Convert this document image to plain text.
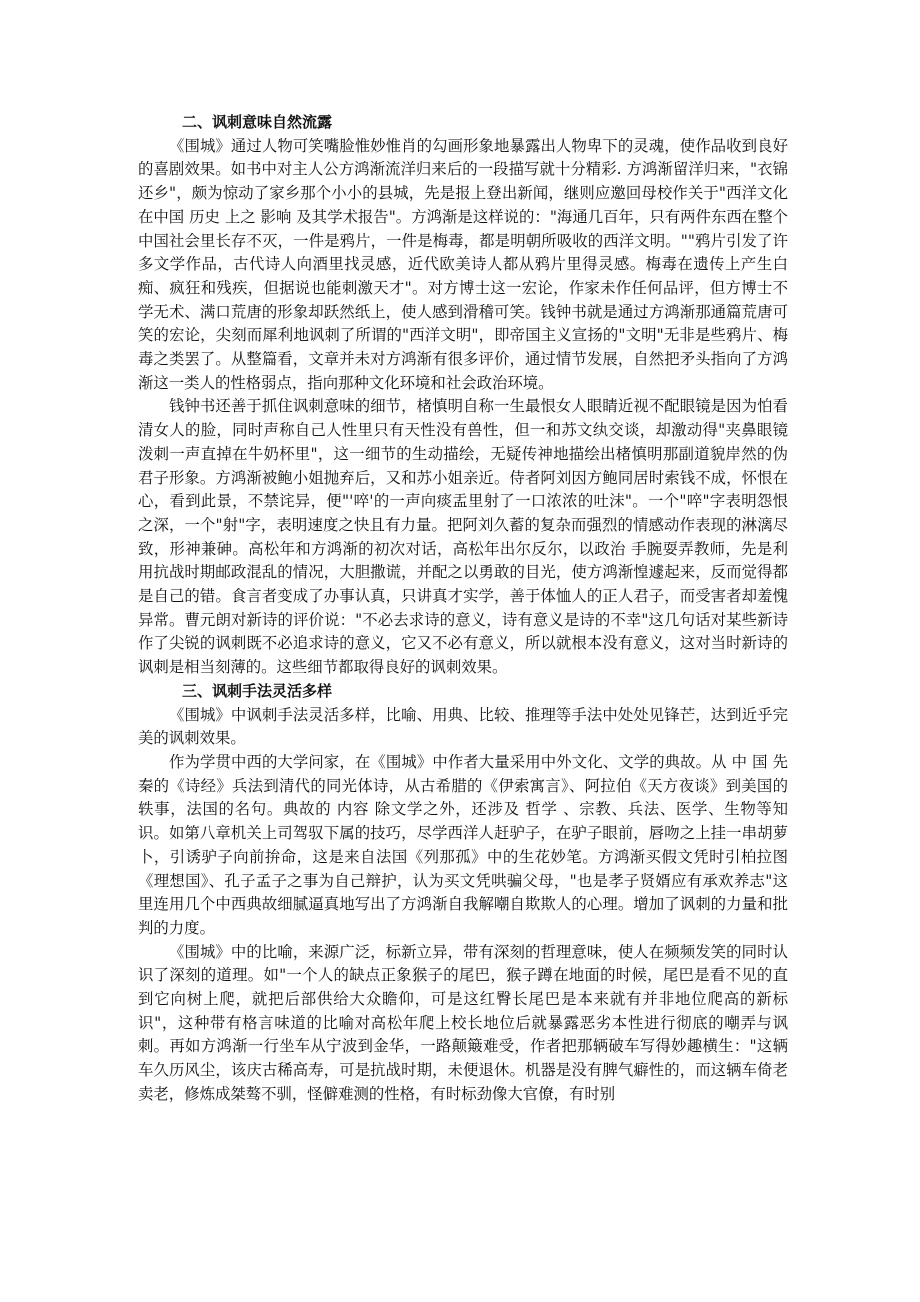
二、讽刺意味自然流露

《围城》通过人物可笑嘴脸惟妙惟肖的勾画形象地暴露出人物卑下的灵魂，使作品收到良好的喜剧效果。如书中对主人公方鸿渐流洋归来后的一段描写就十分精彩. 方鸿渐留洋归来，"衣锦还乡"，颇为惊动了家乡那个小小的县城，先是报上登出新闻，继则应邀回母校作关于"西洋文化在中国 历史 上之 影响 及其学术报告"。方鸿渐是这样说的："海通几百年，只有两件东西在整个中国社会里长存不灭，一件是鸦片，一件是梅毒，都是明朝所吸收的西洋文明。""鸦片引发了许多文学作品，古代诗人向酒里找灵感，近代欧美诗人都从鸦片里得灵感。梅毒在遗传上产生白痴、疯狂和残疾，但据说也能刺激天才"。对方博士这一宏论，作家未作任何品评，但方博士不学无术、满口荒唐的形象却跃然纸上，使人感到滑稽可笑。钱钟书就是通过方鸿渐那通篇荒唐可笑的宏论，尖刻而犀利地讽刺了所谓的"西洋文明"，即帝国主义宣扬的"文明"无非是些鸦片、梅毒之类罢了。从整篇看，文章并未对方鸿渐有很多评价，通过情节发展，自然把矛头指向了方鸿渐这一类人的性格弱点，指向那种文化环境和社会政治环境。

钱钟书还善于抓住讽刺意味的细节，楮慎明自称一生最恨女人眼睛近视不配眼镜是因为怕看清女人的脸，同时声称自己人性里只有天性没有兽性，但一和苏文纨交谈，却激动得"夹鼻眼镜泼刺一声直掉在牛奶杯里"，这一细节的生动描绘，无疑传神地描绘出楮慎明那副道貌岸然的伪君子形象。方鸿渐被鲍小姐抛弃后，又和苏小姐亲近。侍者阿刘因方鲍同居时索钱不成，怀恨在心，看到此景，不禁诧异，便"'啐'的一声向痰盂里射了一口浓浓的吐沫"。一个"啐"字表明怨恨之深，一个"射"字，表明速度之快且有力量。把阿刘久蓄的复杂而强烈的情感动作表现的淋漓尽致，形神兼砷。高松年和方鸿渐的初次对话，高松年出尔反尔，以政治 手腕耍弄教师，先是利用抗战时期邮政混乱的情况，大胆撒谎，并配之以勇敢的目光，使方鸿渐惶遽起来，反而觉得都是自己的错。食言者变成了办事认真，只讲真才实学，善于体恤人的正人君子，而受害者却羞愧异常。曹元朗对新诗的评价说："不必去求诗的意义，诗有意义是诗的不幸"这几句话对某些新诗作了尖锐的讽刺既不必追求诗的意义，它又不必有意义，所以就根本没有意义，这对当时新诗的讽刺是相当刻薄的。这些细节都取得良好的讽刺效果。

三、讽刺手法灵活多样

《围城》中讽刺手法灵活多样，比喻、用典、比较、推理等手法中处处见锋芒，达到近乎完美的讽刺效果。

作为学贯中西的大学问家，在《围城》中作者大量采用中外文化、文学的典故。从 中 国 先秦的《诗经》兵法到清代的同光体诗，从古希腊的《伊索寓言》、阿拉伯《天方夜谈》到美国的轶事，法国的名句。典故的 内容 除文学之外，还涉及 哲学 、宗教、兵法、医学、生物等知识。如第八章机关上司驾驭下属的技巧，尽学西洋人赶驴子，在驴子眼前，唇吻之上挂一串胡萝卜，引诱驴子向前拚命，这是来自法国《列那孤》中的生花妙笔。方鸿渐买假文凭时引柏拉图《理想国》、孔子孟子之事为自己辩护，认为买文凭哄骗父母，"也是孝子贤婿应有承欢养志"这里连用几个中西典故细腻逼真地写出了方鸿渐自我解嘲自欺欺人的心理。增加了讽刺的力量和批判的力度。

《围城》中的比喻，来源广泛，标新立异，带有深刻的哲理意味，使人在频频发笑的同时认识了深刻的道理。如"一个人的缺点正象猴子的尾巴，猴子蹲在地面的时候，尾巴是看不见的直到它向树上爬，就把后部供给大众瞻仰，可是这红臀长尾巴是本来就有并非地位爬高的新标识"，这种带有格言味道的比喻对高松年爬上校长地位后就暴露恶劣本性进行彻底的嘲弄与讽刺。再如方鸿渐一行坐车从宁波到金华，一路颠簸难受，作者把那辆破车写得妙趣横生："这辆车久历风尘，该庆古稀高寿，可是抗战时期，未便退休。机器是没有脾气癖性的，而这辆车倚老卖老，修炼成桀骜不驯，怪僻难测的性格，有时标劲像大官僚，有时别
